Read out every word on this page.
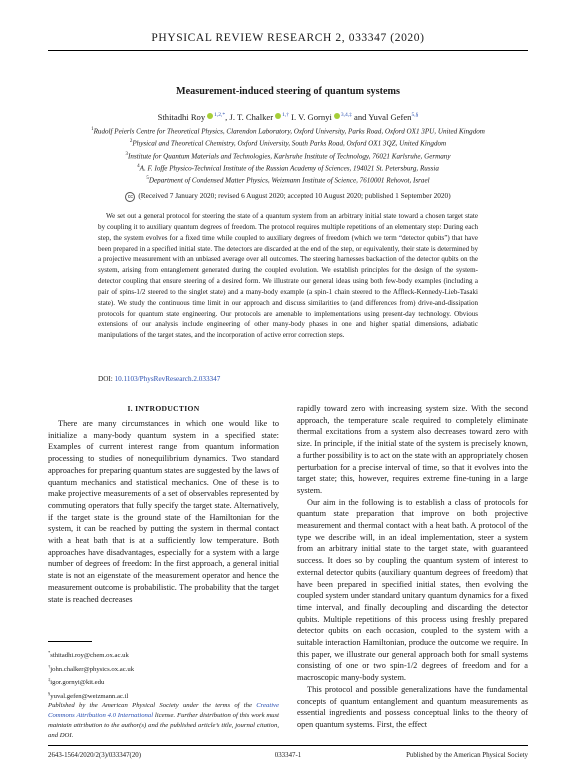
PHYSICAL REVIEW RESEARCH 2, 033347 (2020)
Measurement-induced steering of quantum systems
Sthitadhi Roy $^{1,2,*}$, J. T. Chalker $^{1,\dagger}$ I. V. Gornyi $^{3,4,\ddagger}$ and Yuval Gefen$^{5,\S}$
$^1$Rudolf Peierls Centre for Theoretical Physics, Clarendon Laboratory, Oxford University, Parks Road, Oxford OX1 3PU, United Kingdom
$^2$Physical and Theoretical Chemistry, Oxford University, South Parks Road, Oxford OX1 3QZ, United Kingdom
$^3$Institute for Quantum Materials and Technologies, Karlsruhe Institute of Technology, 76021 Karlsruhe, Germany
$^4$A. F. Ioffe Physico-Technical Institute of the Russian Academy of Sciences, 194021 St. Petersburg, Russia
$^5$Department of Condensed Matter Physics, Weizmann Institute of Science, 7610001 Rehovot, Israel
cc (Received 7 January 2020; revised 6 August 2020; accepted 10 August 2020; published 1 September 2020)
We set out a general protocol for steering the state of a quantum system from an arbitrary initial state toward a chosen target state by coupling it to auxiliary quantum degrees of freedom. The protocol requires multiple repetitions of an elementary step: During each step, the system evolves for a fixed time while coupled to auxiliary degrees of freedom (which we term “detector qubits”) that have been prepared in a specified initial state. The detectors are discarded at the end of the step, or equivalently, their state is determined by a projective measurement with an unbiased average over all outcomes. The steering harnesses backaction of the detector qubits on the system, arising from entanglement generated during the coupled evolution. We establish principles for the design of the system-detector coupling that ensure steering of a desired form. We illustrate our general ideas using both few-body examples (including a pair of spins-1/2 steered to the singlet state) and a many-body example (a spin-1 chain steered to the Affleck-Kennedy-Lieb-Tasaki state). We study the continuous time limit in our approach and discuss similarities to (and differences from) drive-and-dissipation protocols for quantum state engineering. Our protocols are amenable to implementations using present-day technology. Obvious extensions of our analysis include engineering of other many-body phases in one and higher spatial dimensions, adiabatic manipulations of the target states, and the incorporation of active error correction steps.
DOI: 10.1103/PhysRevResearch.2.033347
I. INTRODUCTION

There are many circumstances in which one would like to initialize a many-body quantum system in a specified state: Examples of current interest range from quantum information processing to studies of nonequilibrium dynamics. Two standard approaches for preparing quantum states are suggested by the laws of quantum mechanics and statistical mechanics. One of these is to make projective measurements of a set of observables represented by commuting operators that fully specify the target state. Alternatively, if the target state is the ground state of the Hamiltonian for the system, it can be reached by putting the system in thermal contact with a heat bath that is at a sufficiently low temperature. Both approaches have disadvantages, especially for a system with a large number of degrees of freedom: In the first approach, a general initial state is not an eigenstate of the measurement operator and hence the measurement outcome is probabilistic. The probability that the target state is reached decreases

rapidly toward zero with increasing system size. With the second approach, the temperature scale required to completely eliminate thermal excitations from a system also decreases toward zero with size. In principle, if the initial state of the system is precisely known, a further possibility is to act on the state with an appropriately chosen perturbation for a precise interval of time, so that it evolves into the target state; this, however, requires extreme fine-tuning in a large system.

Our aim in the following is to establish a class of protocols for quantum state preparation that improve on both projective measurement and thermal contact with a heat bath. A protocol of the type we describe will, in an ideal implementation, steer a system from an arbitrary initial state to the target state, with guaranteed success. It does so by coupling the quantum system of interest to external detector qubits (auxiliary quantum degrees of freedom) that have been prepared in specified initial states, then evolving the coupled system under standard unitary quantum dynamics for a fixed time interval, and finally decoupling and discarding the detector qubits. Multiple repetitions of this process using freshly prepared detector qubits on each occasion, coupled to the system with a suitable interaction Hamiltonian, produce the outcome we require. In this paper, we illustrate our general approach both for small systems consisting of one or two spin-1/2 degrees of freedom and for a macroscopic many-body system.

This protocol and possible generalizations have the fundamental concepts of quantum entanglement and quantum measurements as essential ingredients and possess conceptual links to the theory of open quantum systems. First, the effect

*sthitadhi.roy@chem.ox.ac.uk
†john.chalker@physics.ox.ac.uk
‡igor.gornyi@kit.edu
§yuval.gefen@weizmann.ac.il
Published by the American Physical Society under the terms of the Creative Commons Attribution 4.0 International license. Further distribution of this work must maintain attribution to the author(s) and the published article’s title, journal citation, and DOI.
2643-1564/2020/2(3)/033347(20)	033347-1	Published by the American Physical Society
